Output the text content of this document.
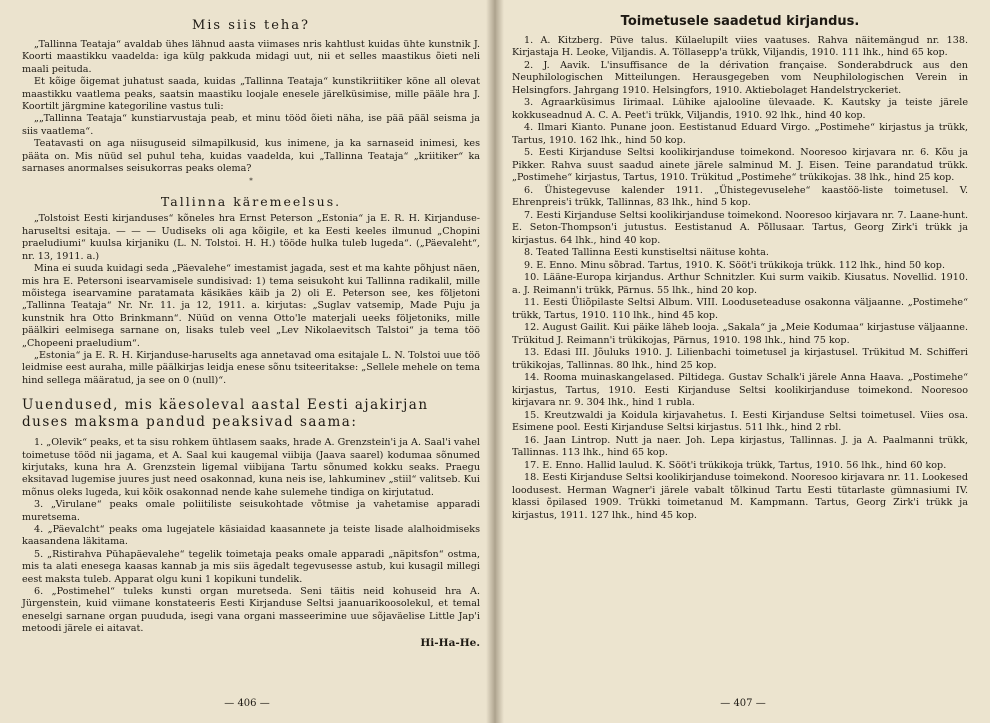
Mis siis teha?

„Tallinna Teataja“ avaldab ühes lähnud aasta viimases nris kahtlust kuidas ühte kunstnik J. Koorti maastikku vaadelda: iga külg pakkuda midagi uut, nii et selles maastikus õieti neli maali peituda.

Et kõige õigemat juhatust saada, kuidas „Tallinna Teataja“ kunstikriitiker köne all olevat maastikku vaatlema peaks, saatsin maastiku loojale enesele järelküsimise, mille pääle hra J. Koortilt järgmine kategoriline vastus tuli:

„„Tallinna Teataja“ kunstiarvustaja peab, et minu tööd õieti näha, ise pää pääl seisma ja siis vaatlema“.

Teatavasti on aga niisuguseid silmapilkusid, kus inimene, ja ka sarnaseid inimesi, kes pääta on. Mis nüüd sel puhul teha, kuidas vaadelda, kui „Tallinna Teataja“ „kriitiker“ ka sarnases anormalses seisukorras peaks olema?

*
Tallinna käremeelsus.

„Tolstoist Eesti kirjanduses“ kõneles hra Ernst Peterson „Estonia“ ja E. R. H. Kirjanduse-haruseltsi esitaja. — — — Uudiseks oli aga kõigile, et ka Eesti keeles ilmunud „Chopini praeludiumi“ kuulsa kirjaniku (L. N. Tolstoi. H. H.) tööde hulka tuleb lugeda“. („Päevaleht“, nr. 13, 1911. a.)

Mina ei suuda kuidagi seda „Päevalehe“ imestamist jagada, sest et ma kahte põhjust näen, mis hra E. Petersoni isearvamisele sundisivad: 1) tema seisukoht kui Tallinna radikalil, mille mõistega isearvamine paratamata käsikäes käib ja 2) oli E. Peterson see, kes följetoni „Tallinna Teataja“ Nr. Nr. 11. ja 12, 1911. a. kirjutas: „Suglav vatsemip, Made Puju ja kunstnik hra Otto Brinkmann“. Nüüd on venna Otto'le materjali ueeks följetoniks, mille päälkiri eelmisega sarnane on, lisaks tuleb veel „Lev Nikolaevitsch Talstoi“ ja tema töö „Chopeeni praeludium“.

„Estonia“ ja E. R. H. Kirjanduse-haruselts aga annetavad oma esitajale L. N. Tolstoi uue töö leidmise eest auraha, mille päälkirjas leidja enese sõnu tsiteeritakse: „Sellele mehele on tema hind sellega määratud, ja see on 0 (null)“.

Uuendused, mis käesoleval aastal Eesti ajakirjan duses maksma pandud peaksivad saama:

1. „Olevik“ peaks, et ta sisu rohkem ühtlasem saaks, hrade A. Grenzstein'i ja A. Saal'i vahel toimetuse tööd nii jagama, et A. Saal kui kaugemal viibija (Jaava saarel) kodumaa sõnumed kirjutaks, kuna hra A. Grenzstein ligemal viibijana Tartu sõnumed kokku seaks. Praegu eksitavad lugemise juures just need osakonnad, kuna neis ise, lahkuminev „stiil“ valitseb. Kui mõnus oleks lugeda, kui kõik osakonnad nende kahe sulemehe tindiga on kirjutatud.

3. „Virulane“ peaks omale poliitiliste seisukohtade võtmise ja vahetamise apparadi muretsema.

4. „Päevalcht“ peaks oma lugejatele käsiaidad kaasannete ja teiste lisade alalhoidmiseks kaasandena läkitama.

5. „Ristirahva Pühapäevalehe“ tegelik toimetaja peaks omale apparadi „näpitsfon“ ostma, mis ta alati enesega kaasas kannab ja mis siis ägedalt tegevusesse astub, kui kusagil millegi eest maksta tuleb. Apparat olgu kuni 1 kopikuni tundelik.

6. „Postimehel“ tuleks kunsti organ muretseda. Seni täitis neid kohuseid hra A. Jürgenstein, kuid viimane konstateeris Eesti Kirjanduse Seltsi jaanuarikoosolekul, et temal eneselgi sarnane organ puududa, isegi vana organi masseerimine uue sõjaväelise Little Jap'i metoodi järele ei aitavat.

Hi-Ha-He.
— 406 —
Toimetusele saadetud kirjandus.

1. A. Kitzberg. Püve talus. Külaelupilt viies vaatuses. Rahva näitemängud nr. 138. Kirjastaja H. Leoke, Viljandis. A. Töllasepp'a trükk, Viljandis, 1910. 111 lhk., hind 65 kop.

2. J. Aavik. L'insuffisance de la dérivation française. Sonderabdruck aus den Neuphilologischen Mitteilungen. Herausgegeben vom Neuphilologischen Verein in Helsingfors. Jahrgang 1910. Helsingfors, 1910. Aktiebolaget Handelstryckeriet.

3. Agraarküsimus Iirimaal. Lühike ajalooline ülevaade. K. Kautsky ja teiste järele kokkuseadnud A. C. A. Peet'i trükk, Viljandis, 1910. 92 lhk., hind 40 kop.

4. Ilmari Kianto. Punane joon. Eestistanud Eduard Virgo. „Postimehe“ kirjastus ja trükk, Tartus, 1910. 162 lhk., hind 50 kop.

5. Eesti Kirjanduse Seltsi koolikirjanduse toimekond. Nooresoo kirjavara nr. 6. Kõu ja Pikker. Rahva suust saadud ainete järele salminud M. J. Eisen. Teine parandatud trükk. „Postimehe“ kirjastus, Tartus, 1910. Trükitud „Postimehe“ trükikojas. 38 lhk., hind 25 kop.

6. Ühistegevuse kalender 1911. „Ühistegevuselehe“ kaastöö-liste toimetusel. V. Ehrenpreis'i trükk, Tallinnas, 83 lhk., hind 5 kop.

7. Eesti Kirjanduse Seltsi koolikirjanduse toimekond. Nooresoo kirjavara nr. 7. Laane-hunt. E. Seton-Thompson'i jutustus. Eestistanud A. Põllusaar. Tartus, Georg Zirk'i trükk ja kirjastus. 64 lhk., hind 40 kop.

8. Teated Tallinna Eesti kunstiseltsi näituse kohta.

9. E. Enno. Minu sõbrad. Tartus, 1910. K. Sööt'i trükikoja trükk. 112 lhk., hind 50 kop.

10. Lääne-Europa kirjandus. Arthur Schnitzler. Kui surm vaikib. Kiusatus. Novellid. 1910. a. J. Reimann'i trükk, Pärnus. 55 lhk., hind 20 kop.

11. Eesti Üliõpilaste Seltsi Album. VIII. Looduseteaduse osakonna väljaanne. „Postimehe“ trükk, Tartus, 1910. 110 lhk., hind 45 kop.

12. August Gailit. Kui päike läheb looja. „Sakala“ ja „Meie Kodumaa“ kirjastuse väljaanne. Trükitud J. Reimann'i trükikojas, Pärnus, 1910. 198 lhk., hind 75 kop.

13. Edasi III. Jõuluks 1910. J. Lilienbachi toimetusel ja kirjastusel. Trükitud M. Schifferi trükikojas, Tallinnas. 80 lhk., hind 25 kop.

14. Rooma muinaskangelased. Piltidega. Gustav Schalk'i järele Anna Haava. „Postimehe“ kirjastus, Tartus, 1910. Eesti Kirjanduse Seltsi koolikirjanduse toimekond. Nooresoo kirjavara nr. 9. 304 lhk., hind 1 rubla.

15. Kreutzwaldi ja Koidula kirjavahetus. I. Eesti Kirjanduse Seltsi toimetusel. Viies osa. Esimene pool. Eesti Kirjanduse Seltsi kirjastus. 511 lhk., hind 2 rbl.

16. Jaan Lintrop. Nutt ja naer. Joh. Lepa kirjastus, Tallinnas. J. ja A. Paalmanni trükk, Tallinnas. 113 lhk., hind 65 kop.

17. E. Enno. Hallid laulud. K. Sööt'i trükikoja trükk, Tartus, 1910. 56 lhk., hind 60 kop.

18. Eesti Kirjanduse Seltsi koolikirjanduse toimekond. Nooresoo kirjavara nr. 11. Lookesed loodusest. Herman Wagner'i järele vabalt tõlkinud Tartu Eesti tütarlaste gümnasiumi IV. klassi õpilased 1909. Trükki toimetanud M. Kampmann. Tartus, Georg Zirk'i trükk ja kirjastus, 1911. 127 lhk., hind 45 kop.

— 407 —
